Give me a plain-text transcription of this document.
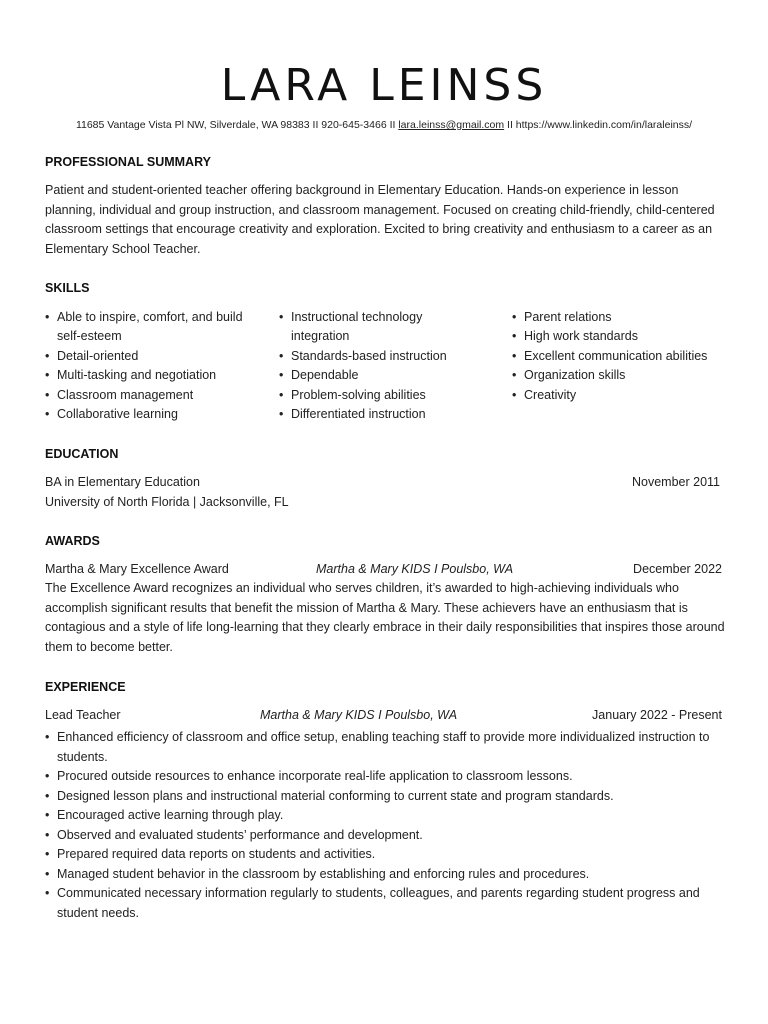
LARA LEINSS
11685 Vantage Vista Pl NW, Silverdale, WA 98383 II 920-645-3466 II lara.leinss@gmail.com II https://www.linkedin.com/in/laraleinss/
PROFESSIONAL SUMMARY
Patient and student-oriented teacher offering background in Elementary Education. Hands-on experience in lesson planning, individual and group instruction, and classroom management. Focused on creating child-friendly, child-centered classroom settings that encourage creativity and exploration. Excited to bring creativity and enthusiasm to a career as an Elementary School Teacher.
SKILLS
• Able to inspire, comfort, and build self-esteem
• Detail-oriented
• Multi-tasking and negotiation
• Classroom management
• Collaborative learning
• Instructional technology integration
• Standards-based instruction
• Dependable
• Problem-solving abilities
• Differentiated instruction
• Parent relations
• High work standards
• Excellent communication abilities
• Organization skills
• Creativity
EDUCATION
BA in Elementary Education	November 2011
University of North Florida | Jacksonville, FL
AWARDS
Martha & Mary Excellence Award	Martha & Mary KIDS I Poulsbo, WA	December 2022
The Excellence Award recognizes an individual who serves children, it’s awarded to high-achieving individuals who accomplish significant results that benefit the mission of Martha & Mary. These achievers have an enthusiasm that is contagious and a style of life long-learning that they clearly embrace in their daily responsibilities that inspires those around them to become better.
EXPERIENCE
Lead Teacher	Martha & Mary KIDS I Poulsbo, WA	January 2022 - Present
• Enhanced efficiency of classroom and office setup, enabling teaching staff to provide more individualized instruction to students.
• Procured outside resources to enhance incorporate real-life application to classroom lessons.
• Designed lesson plans and instructional material conforming to current state and program standards.
• Encouraged active learning through play.
• Observed and evaluated students’ performance and development.
• Prepared required data reports on students and activities.
• Managed student behavior in the classroom by establishing and enforcing rules and procedures.
• Communicated necessary information regularly to students, colleagues, and parents regarding student progress and student needs.
